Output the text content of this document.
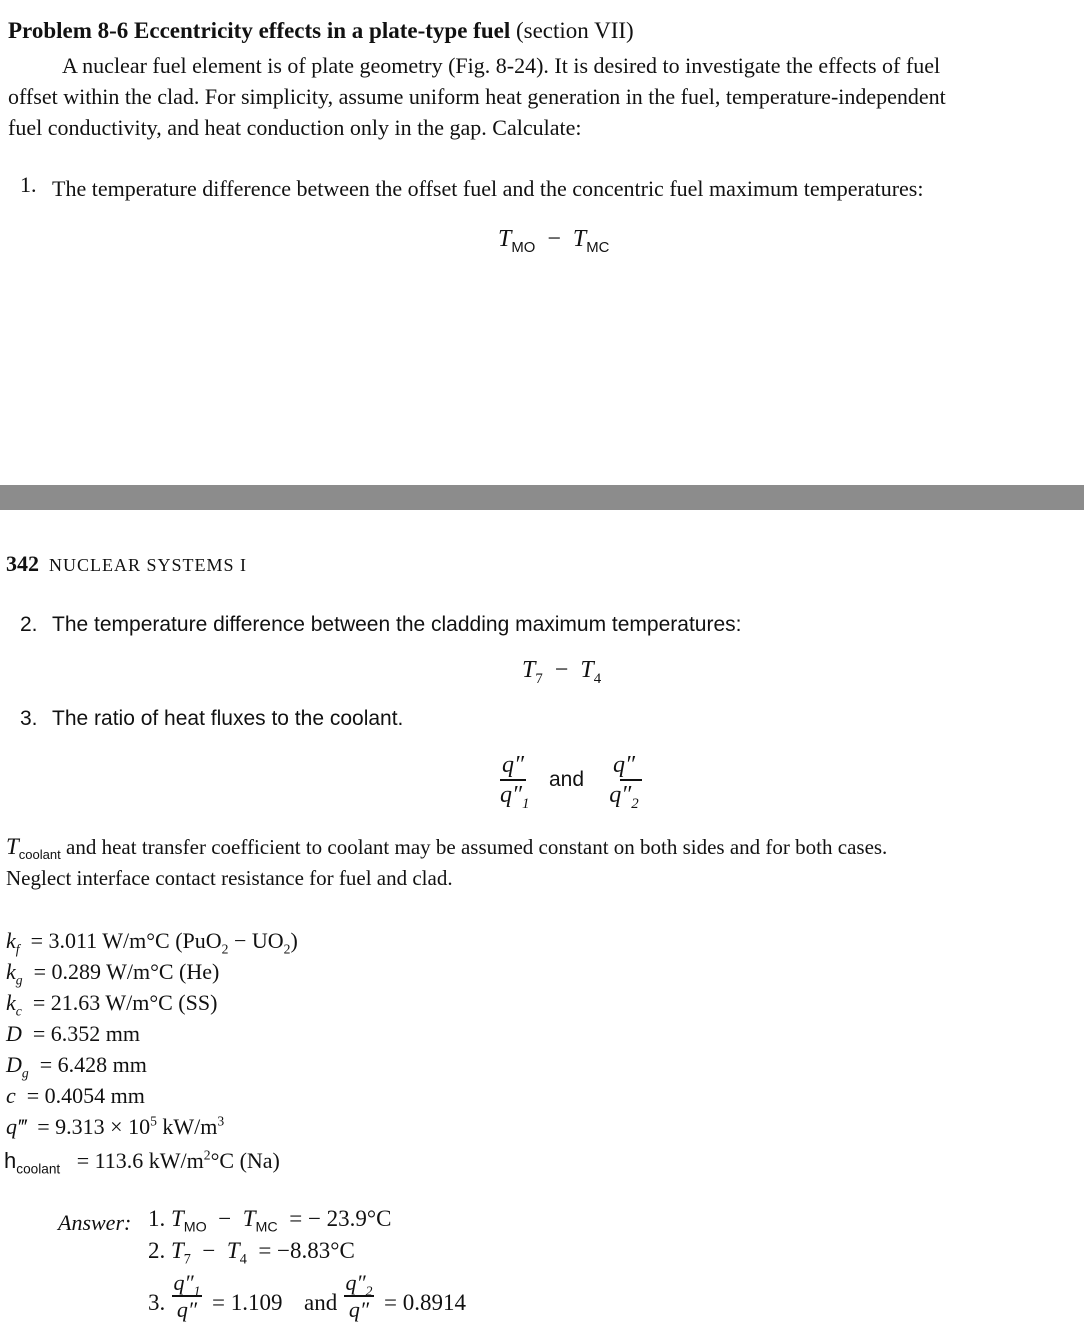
Problem 8-6 Eccentricity effects in a plate-type fuel (section VII)
A nuclear fuel element is of plate geometry (Fig. 8-24). It is desired to investigate the effects of fuel
offset within the clad. For simplicity, assume uniform heat generation in the fuel, temperature-independent
fuel conductivity, and heat conduction only in the gap. Calculate:
1. The temperature difference between the offset fuel and the concentric fuel maximum temperatures:
$T_{MO} - T_{MC}$
342 NUCLEAR SYSTEMS I
2. The temperature difference between the cladding maximum temperatures:
$T_7 - T_4$
3. The ratio of heat fluxes to the coolant.
q″
$q''_1$
and
q″
$q''_2$
$T_{coolant}$ and heat transfer coefficient to coolant may be assumed constant on both sides and for both cases.
Neglect interface contact resistance for fuel and clad.
$k_f = 3.011$ W/m°C $(PuO_2 - UO_2)$
$k_g = 0.289$ W/m°C (He)
$k_c = 21.63$ W/m°C (SS)
D = 6.352 mm
$D_g = 6.428$ mm
c = 0.4054 mm
q‴ = $9.313 \times 10^5$ $kW/m^3$
$h_{coolant} = 113.6$ $kW/m^2^\circ C$ (Na)
Answer: 1. $T_{MO} - T_{MC}$ = − 23.9°C
2. $T_7 - T_4 = -8.83^\circ C$
3.
$q''_1$
q″ = 1.109 and
$q''_2$
q″ = 0.8914
